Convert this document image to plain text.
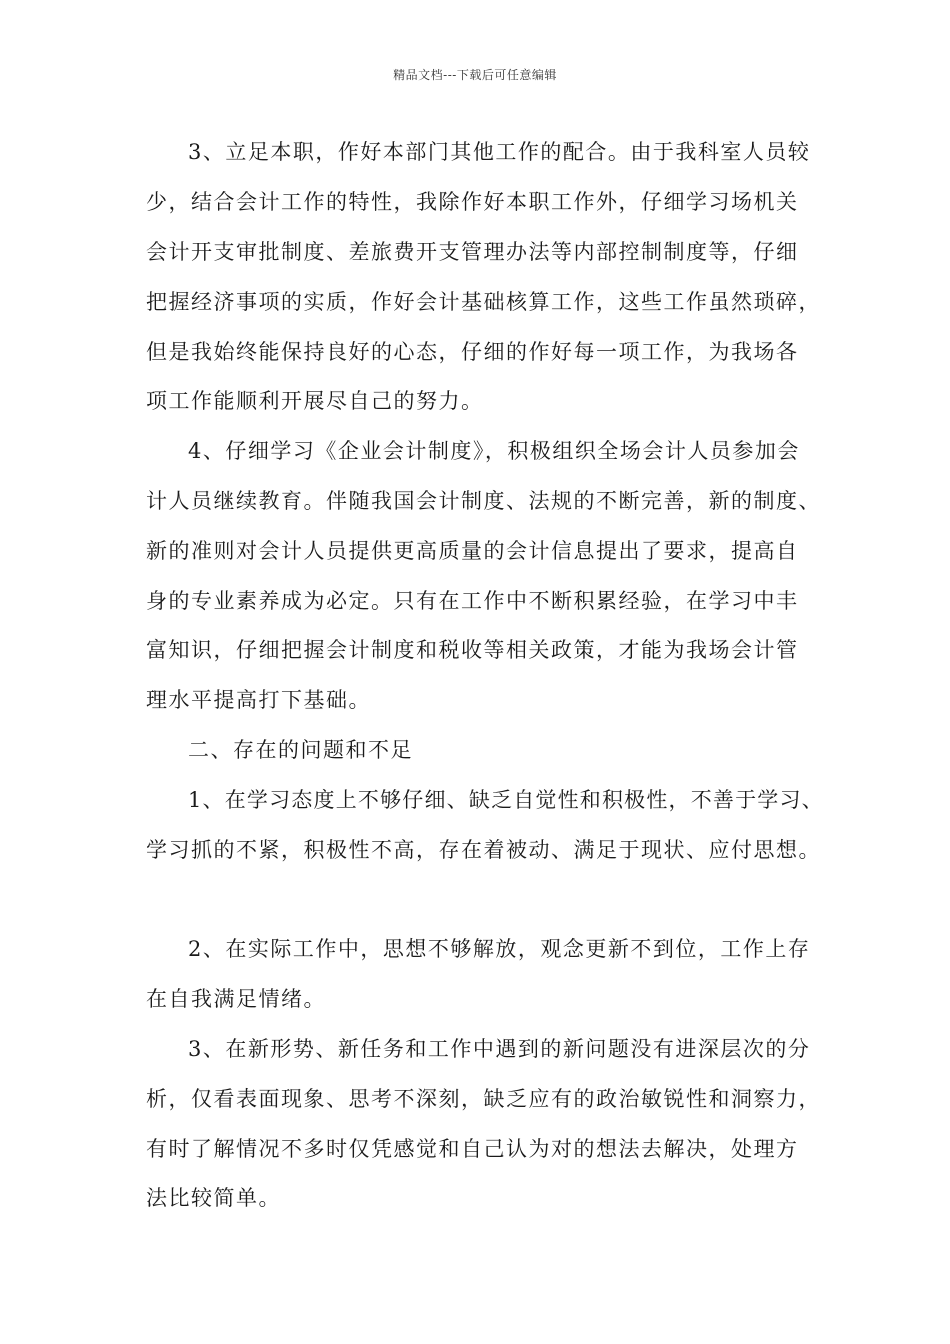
精品文档---下载后可任意编辑
3、立足本职，作好本部门其他工作的配合。由于我科室人员较
少，结合会计工作的特性，我除作好本职工作外，仔细学习场机关
会计开支审批制度、差旅费开支管理办法等内部控制制度等，仔细
把握经济事项的实质，作好会计基础核算工作，这些工作虽然琐碎，
但是我始终能保持良好的心态，仔细的作好每一项工作，为我场各
项工作能顺利开展尽自己的努力。
4、仔细学习《企业会计制度》，积极组织全场会计人员参加会
计人员继续教育。伴随我国会计制度、法规的不断完善，新的制度、
新的准则对会计人员提供更高质量的会计信息提出了要求，提高自
身的专业素养成为必定。只有在工作中不断积累经验，在学习中丰
富知识，仔细把握会计制度和税收等相关政策，才能为我场会计管
理水平提高打下基础。
二、存在的问题和不足
1、在学习态度上不够仔细、缺乏自觉性和积极性，不善于学习、
学习抓的不紧，积极性不高，存在着被动、满足于现状、应付思想。
2、在实际工作中，思想不够解放，观念更新不到位，工作上存
在自我满足情绪。
3、在新形势、新任务和工作中遇到的新问题没有进深层次的分
析，仅看表面现象、思考不深刻，缺乏应有的政治敏锐性和洞察力，
有时了解情况不多时仅凭感觉和自己认为对的想法去解决，处理方
法比较简单。
